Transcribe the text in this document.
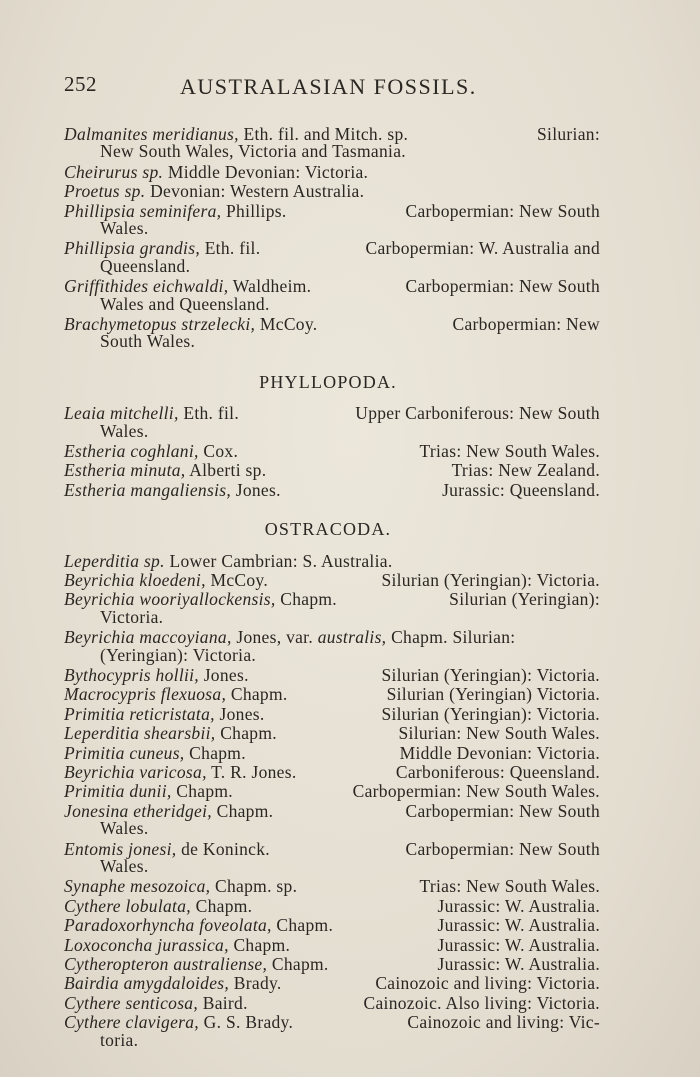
252	AUSTRALASIAN FOSSILS.
Dalmanites meridianus, Eth. fil. and Mitch. sp.	Silurian:
New South Wales, Victoria and Tasmania.
Cheirurus sp. Middle Devonian: Victoria.
Proetus sp. Devonian: Western Australia.
Phillipsia seminifera, Phillips.	Carbopermian: New South
Wales.
Phillipsia grandis, Eth. fil.	Carbopermian: W. Australia and
Queensland.
Griffithides eichwaldi, Waldheim.	Carbopermian: New South
Wales and Queensland.
Brachymetopus strzelecki, McCoy.	Carbopermian: New
South Wales.
PHYLLOPODA.
Leaia mitchelli, Eth. fil.	Upper Carboniferous: New South
Wales.
Estheria coghlani, Cox.	Trias: New South Wales.
Estheria minuta, Alberti sp.	Trias: New Zealand.
Estheria mangaliensis, Jones.	Jurassic: Queensland.
OSTRACODA.
Leperditia sp. Lower Cambrian: S. Australia.
Beyrichia kloedeni, McCoy.	Silurian (Yeringian): Victoria.
Beyrichia wooriyallockensis, Chapm.	Silurian (Yeringian):
Victoria.
Beyrichia maccoyiana, Jones, var. australis, Chapm. Silurian:
(Yeringian): Victoria.
Bythocypris hollii, Jones.	Silurian (Yeringian): Victoria.
Macrocypris flexuosa, Chapm.	Silurian (Yeringian) Victoria.
Primitia reticristata, Jones.	Silurian (Yeringian): Victoria.
Leperditia shearsbii, Chapm.	Silurian: New South Wales.
Primitia cuneus, Chapm.	Middle Devonian: Victoria.
Beyrichia varicosa, T. R. Jones.	Carboniferous: Queensland.
Primitia dunii, Chapm.	Carbopermian: New South Wales.
Jonesina etheridgei, Chapm.	Carbopermian: New South
Wales.
Entomis jonesi, de Koninck.	Carbopermian: New South
Wales.
Synaphe mesozoica, Chapm. sp.	Trias: New South Wales.
Cythere lobulata, Chapm.	Jurassic: W. Australia.
Paradoxorhyncha foveolata, Chapm.	Jurassic: W. Australia.
Loxoconcha jurassica, Chapm.	Jurassic: W. Australia.
Cytheropteron australiense, Chapm.	Jurassic: W. Australia.
Bairdia amygdaloides, Brady.	Cainozoic and living: Victoria.
Cythere senticosa, Baird.	Cainozoic. Also living: Victoria.
Cythere clavigera, G. S. Brady.	Cainozoic and living: Vic-
toria.
